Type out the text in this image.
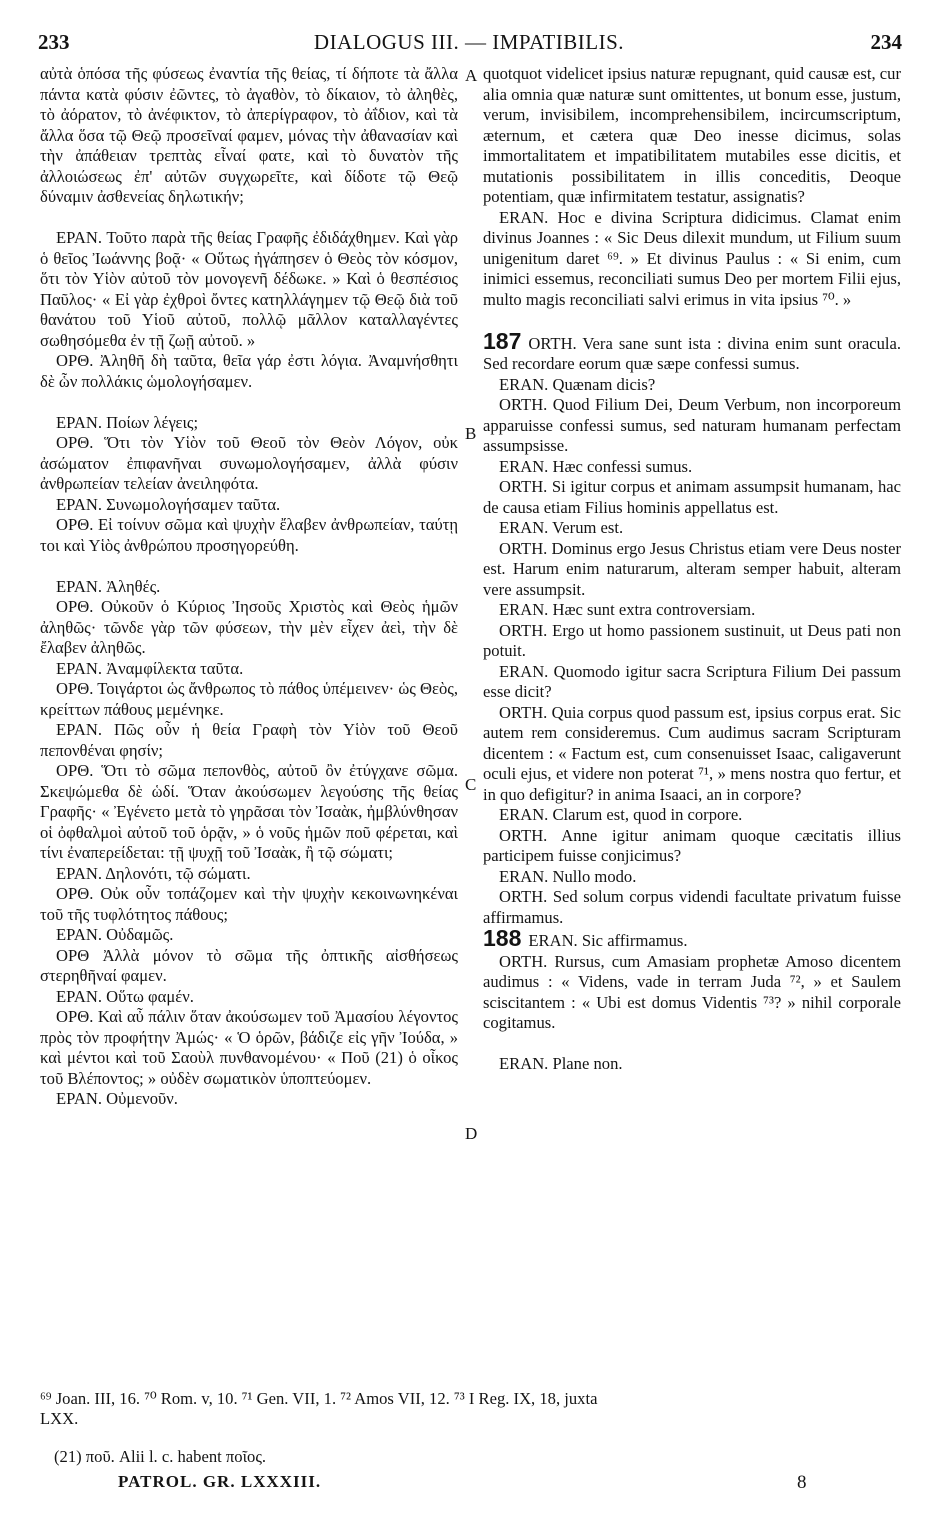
233	DIALOGUS III. — IMPATIBILIS.	234

αὐτὰ ὁπόσα τῆς φύσεως ἐναντία τῆς θείας, τί δήποτε τὰ ἄλλα πάντα κατὰ φύσιν ἐῶντες, τὸ ἀγαθὸν, τὸ δίκαιον, τὸ ἀληθὲς, τὸ ἀόρατον, τὸ ἀνέφικτον, τὸ ἀπερίγραφον, τὸ ἀΐδιον, καὶ τὰ ἄλλα ὅσα τῷ Θεῷ προσεῖναί φαμεν, μόνας τὴν ἀθανασίαν καὶ τὴν ἀπάθειαν τρεπτὰς εἶναί φατε, καὶ τὸ δυνατὸν τῆς ἀλλοιώσεως ἐπ' αὐτῶν συγχωρεῖτε, καὶ δίδοτε τῷ Θεῷ δύναμιν ἀσθενείας δηλωτικήν;

ΕΡΑΝ. Τοῦτο παρὰ τῆς θείας Γραφῆς ἐδιδάχθημεν. Καὶ γὰρ ὁ θεῖος Ἰωάννης βοᾷ· « Οὕτως ἠγάπησεν ὁ Θεὸς τὸν κόσμον, ὅτι τὸν Υἱὸν αὐτοῦ τὸν μονογενῆ δέδωκε. » Καὶ ὁ θεσπέσιος Παῦλος· « Εἰ γὰρ ἐχθροὶ ὄντες κατηλλάγημεν τῷ Θεῷ διὰ τοῦ θανάτου τοῦ Υἱοῦ αὐτοῦ, πολλῷ μᾶλλον καταλλαγέντες σωθησόμεθα ἐν τῇ ζωῇ αὐτοῦ. »

ΟΡΘ. Ἀληθῆ δὴ ταῦτα, θεῖα γάρ ἐστι λόγια. Ἀναμνήσθητι δὲ ὧν πολλάκις ὡμολογήσαμεν.

ΕΡΑΝ. Ποίων λέγεις;

ΟΡΘ. Ὅτι τὸν Υἱὸν τοῦ Θεοῦ τὸν Θεὸν Λόγον, οὐκ ἀσώματον ἐπιφανῆναι συνωμολογήσαμεν, ἀλλὰ φύσιν ἀνθρωπείαν τελείαν ἀνειληφότα.

ΕΡΑΝ. Συνωμολογήσαμεν ταῦτα.

ΟΡΘ. Εἰ τοίνυν σῶμα καὶ ψυχὴν ἔλαβεν ἀνθρωπείαν, ταύτῃ τοι καὶ Υἱὸς ἀνθρώπου προσηγορεύθη.

ΕΡΑΝ. Ἀληθές.

ΟΡΘ. Οὐκοῦν ὁ Κύριος Ἰησοῦς Χριστὸς καὶ Θεὸς ἡμῶν ἀληθῶς· τῶνδε γὰρ τῶν φύσεων, τὴν μὲν εἶχεν ἀεὶ, τὴν δὲ ἔλαβεν ἀληθῶς.

ΕΡΑΝ. Ἀναμφίλεκτα ταῦτα.

ΟΡΘ. Τοιγάρτοι ὡς ἄνθρωπος τὸ πάθος ὑπέμεινεν· ὡς Θεὸς, κρείττων πάθους μεμένηκε.

ΕΡΑΝ. Πῶς οὖν ἡ θεία Γραφὴ τὸν Υἱὸν τοῦ Θεοῦ πεπονθέναι φησίν;

ΟΡΘ. Ὅτι τὸ σῶμα πεπονθὸς, αὐτοῦ ὂν ἐτύγχανε σῶμα. Σκεψώμεθα δὲ ὡδί. Ὅταν ἀκούσωμεν λεγούσης τῆς θείας Γραφῆς· « Ἐγένετο μετὰ τὸ γηρᾶσαι τὸν Ἰσαὰκ, ἠμβλύνθησαν οἱ ὀφθαλμοὶ αὐτοῦ τοῦ ὁρᾷν, » ὁ νοῦς ἡμῶν ποῦ φέρεται, καὶ τίνι ἐναπερείδεται: τῇ ψυχῇ τοῦ Ἰσαὰκ, ἢ τῷ σώματι;

ΕΡΑΝ. Δηλονότι, τῷ σώματι.

ΟΡΘ. Οὐκ οὖν τοπάζομεν καὶ τὴν ψυχὴν κεκοινωνηκέναι τοῦ τῆς τυφλότητος πάθους;

ΕΡΑΝ. Οὐδαμῶς.

ΟΡΘ Ἀλλὰ μόνον τὸ σῶμα τῆς ὀπτικῆς αἰσθήσεως στερηθῆναί φαμεν.

ΕΡΑΝ. Οὕτω φαμέν.

ΟΡΘ. Καὶ αὖ πάλιν ὅταν ἀκούσωμεν τοῦ Ἀμασίου λέγοντος πρὸς τὸν προφήτην Ἀμώς· « Ὁ ὁρῶν, βάδιζε εἰς γῆν Ἰούδα, » καὶ μέντοι καὶ τοῦ Σαοὺλ πυνθανομένου· « Ποῦ (21) ὁ οἶκος τοῦ Βλέποντος; » οὐδὲν σωματικὸν ὑποπτεύομεν.

ΕΡΑΝ. Οὐμενοῦν.

quotquot videlicet ipsius naturæ repugnant, quid causæ est, cur alia omnia quæ naturæ sunt omittentes, ut bonum esse, justum, verum, invisibilem, incomprehensibilem, incircumscriptum, æternum, et cætera quæ Deo inesse dicimus, solas immortalitatem et impatibilitatem mutabiles esse dicitis, et mutationis possibilitatem in illis conceditis, Deoque potentiam, quæ infirmitatem testatur, assignatis?

ERAN. Hoc e divina Scriptura didicimus. Clamat enim divinus Joannes : « Sic Deus dilexit mundum, ut Filium suum unigenitum daret ⁶⁹. » Et divinus Paulus : « Si enim, cum inimici essemus, reconciliati sumus Deo per mortem Filii ejus, multo magis reconciliati salvi erimus in vita ipsius ⁷⁰. »

187 ORTH. Vera sane sunt ista : divina enim sunt oracula. Sed recordare eorum quæ sæpe confessi sumus.

ERAN. Quænam dicis?

ORTH. Quod Filium Dei, Deum Verbum, non incorporeum apparuisse confessi sumus, sed naturam humanam perfectam assumpsisse.

ERAN. Hæc confessi sumus.

ORTH. Si igitur corpus et animam assumpsit humanam, hac de causa etiam Filius hominis appellatus est.

ERAN. Verum est.

ORTH. Dominus ergo Jesus Christus etiam vere Deus noster est. Harum enim naturarum, alteram semper habuit, alteram vere assumpsit.

ERAN. Hæc sunt extra controversiam.

ORTH. Ergo ut homo passionem sustinuit, ut Deus pati non potuit.

ERAN. Quomodo igitur sacra Scriptura Filium Dei passum esse dicit?

ORTH. Quia corpus quod passum est, ipsius corpus erat. Sic autem rem consideremus. Cum audimus sacram Scripturam dicentem : « Factum est, cum consenuisset Isaac, caligaverunt oculi ejus, et videre non poterat ⁷¹, » mens nostra quo fertur, et in quo defigitur? in anima Isaaci, an in corpore?

ERAN. Clarum est, quod in corpore.

ORTH. Anne igitur animam quoque cæcitatis illius participem fuisse conjicimus?

ERAN. Nullo modo.

ORTH. Sed solum corpus videndi facultate privatum fuisse affirmamus.

188 ERAN. Sic affirmamus.

ORTH. Rursus, cum Amasiam prophetæ Amoso dicentem audimus : « Videns, vade in terram Juda ⁷², » et Saulem sciscitantem : « Ubi est domus Videntis ⁷³? » nihil corporale cogitamus.

ERAN. Plane non.

A
B
C
D

⁶⁹ Joan. III, 16. ⁷⁰ Rom. v, 10. ⁷¹ Gen. VII, 1. ⁷² Amos VII, 12. ⁷³ I Reg. IX, 18, juxta

LXX.

(21) ποῦ. Alii l. c. habent ποῖος.
PATROL. GR. LXXXIII.	8
